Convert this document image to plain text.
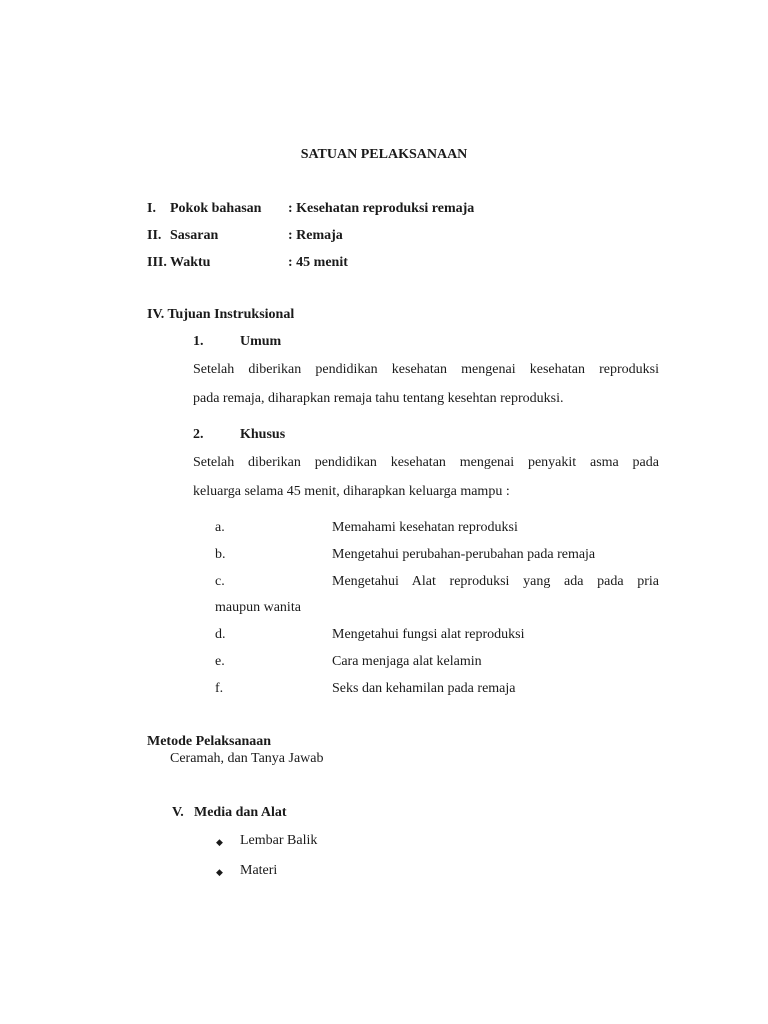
SATUAN PELAKSANAAN
I. Pokok bahasan : Kesehatan reproduksi remaja
II. Sasaran	: Remaja
III. Waktu	: 45 menit
IV. Tujuan Instruksional
1.	Umum
Setelah diberikan pendidikan kesehatan mengenai kesehatan reproduksi
pada remaja, diharapkan remaja tahu tentang kesehtan reproduksi.
2.	Khusus
Setelah diberikan pendidikan kesehatan mengenai penyakit asma pada
keluarga selama 45 menit, diharapkan keluarga mampu :
a.	Memahami kesehatan reproduksi
b.	Mengetahui perubahan-perubahan pada remaja
c.	Mengetahui Alat reproduksi yang ada pada pria
maupun wanita
d.	Mengetahui fungsi alat reproduksi
e.	Cara menjaga alat kelamin
f.	Seks dan kehamilan pada remaja
Metode Pelaksanaan
Ceramah, dan Tanya Jawab
V. Media dan Alat
◆ Lembar Balik
◆ Materi
